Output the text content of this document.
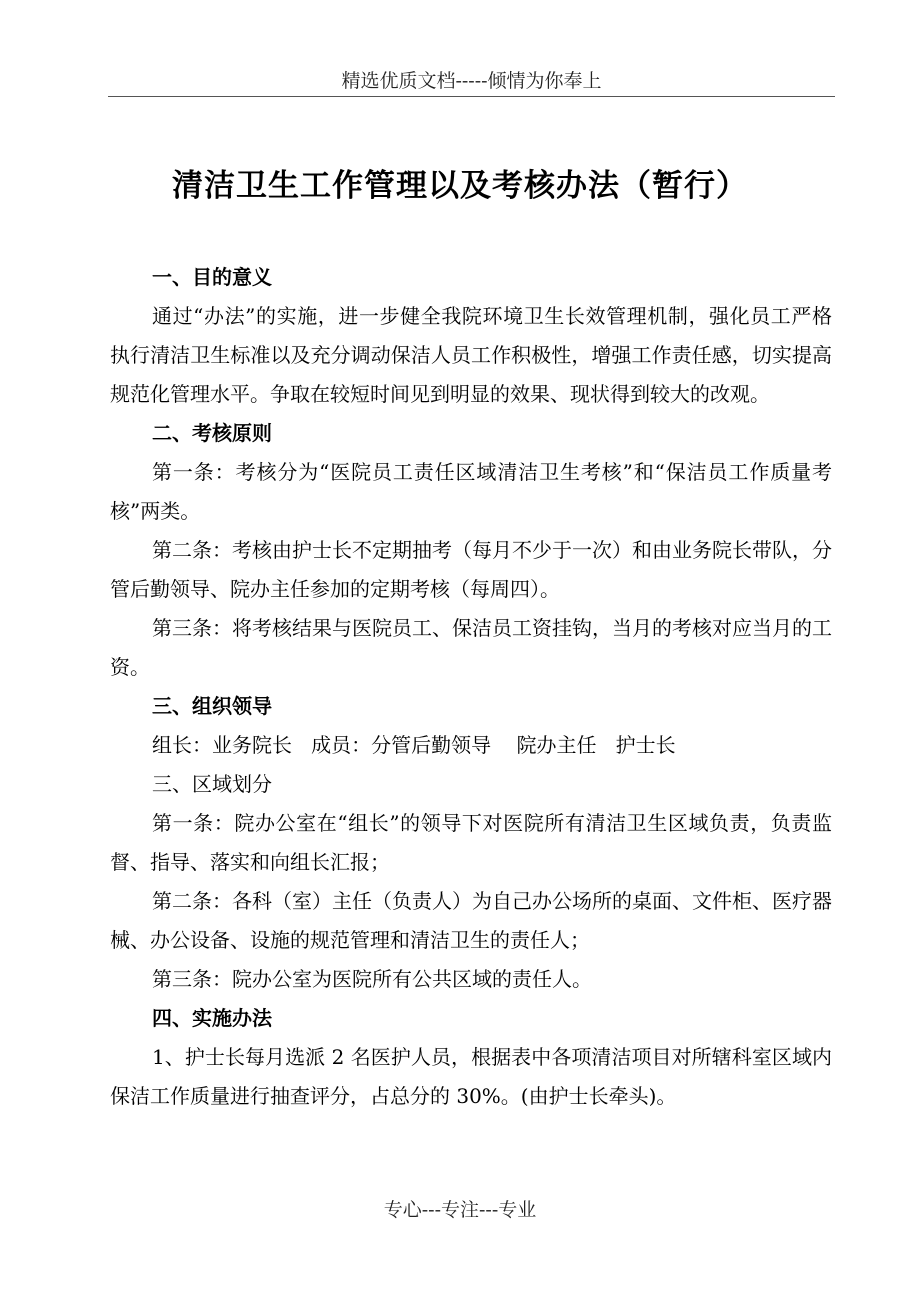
精选优质文档-----倾情为你奉上
清洁卫生工作管理以及考核办法（暂行）

一、目的意义

通过“办法”的实施，进一步健全我院环境卫生长效管理机制，强化员工严格执行清洁卫生标准以及充分调动保洁人员工作积极性，增强工作责任感，切实提高规范化管理水平。争取在较短时间见到明显的效果、现状得到较大的改观。

二、考核原则

第一条：考核分为“医院员工责任区域清洁卫生考核”和“保洁员工作质量考核”两类。

第二条：考核由护士长不定期抽考（每月不少于一次）和由业务院长带队，分管后勤领导、院办主任参加的定期考核（每周四）。

第三条：将考核结果与医院员工、保洁员工资挂钩，当月的考核对应当月的工资。

三、组织领导

组长：业务院长   成员：分管后勤领导    院办主任   护士长

三、区域划分

第一条：院办公室在“组长”的领导下对医院所有清洁卫生区域负责，负责监督、指导、落实和向组长汇报；

第二条：各科（室）主任（负责人）为自己办公场所的桌面、文件柜、医疗器械、办公设备、设施的规范管理和清洁卫生的责任人；

第三条：院办公室为医院所有公共区域的责任人。

四、实施办法

1、护士长每月选派 2 名医护人员，根据表中各项清洁项目对所辖科室区域内保洁工作质量进行抽查评分，占总分的 30%。(由护士长牵头)。

专心---专注---专业
